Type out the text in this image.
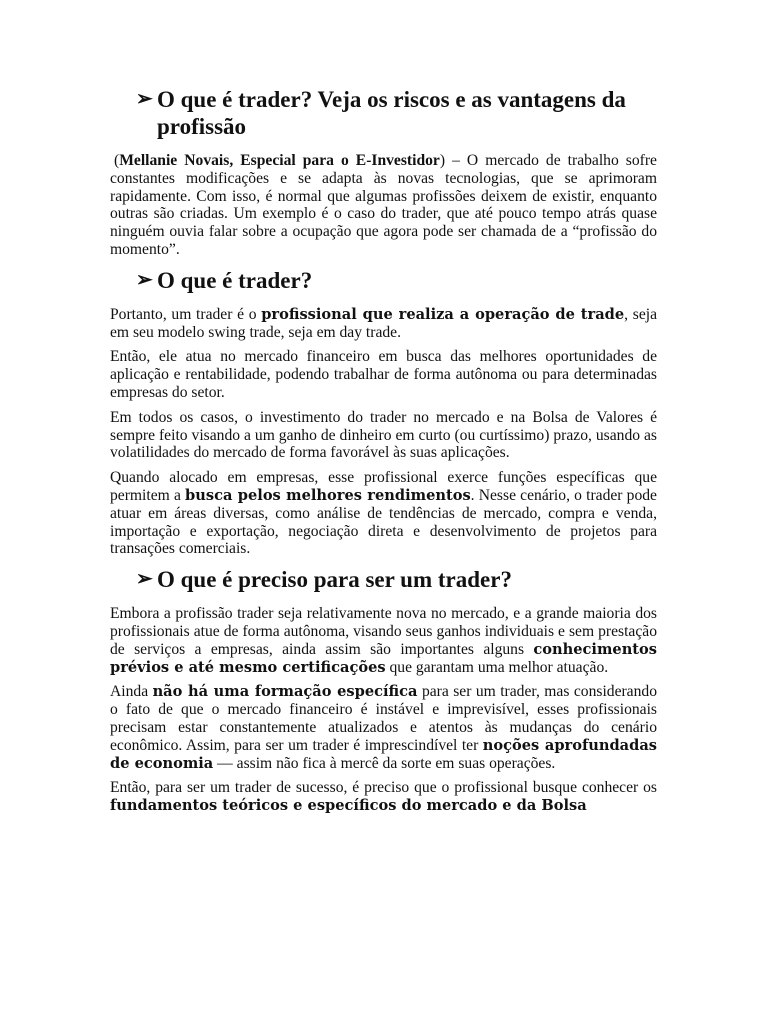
➢ O que é trader? Veja os riscos e as vantagens da profissão

(Mellanie Novais, Especial para o E-Investidor) – O mercado de trabalho sofre constantes modificações e se adapta às novas tecnologias, que se aprimoram rapidamente. Com isso, é normal que algumas profissões deixem de existir, enquanto outras são criadas. Um exemplo é o caso do trader, que até pouco tempo atrás quase ninguém ouvia falar sobre a ocupação que agora pode ser chamada de a “profissão do momento”.

➢ O que é trader?

Portanto, um trader é o profissional que realiza a operação de trade, seja em seu modelo swing trade, seja em day trade.

Então, ele atua no mercado financeiro em busca das melhores oportunidades de aplicação e rentabilidade, podendo trabalhar de forma autônoma ou para determinadas empresas do setor.

Em todos os casos, o investimento do trader no mercado e na Bolsa de Valores é sempre feito visando a um ganho de dinheiro em curto (ou curtíssimo) prazo, usando as volatilidades do mercado de forma favorável às suas aplicações.

Quando alocado em empresas, esse profissional exerce funções específicas que permitem a busca pelos melhores rendimentos. Nesse cenário, o trader pode atuar em áreas diversas, como análise de tendências de mercado, compra e venda, importação e exportação, negociação direta e desenvolvimento de projetos para transações comerciais.

➢ O que é preciso para ser um trader?

Embora a profissão trader seja relativamente nova no mercado, e a grande maioria dos profissionais atue de forma autônoma, visando seus ganhos individuais e sem prestação de serviços a empresas, ainda assim são importantes alguns conhecimentos prévios e até mesmo certificações que garantam uma melhor atuação.

Ainda não há uma formação específica para ser um trader, mas considerando o fato de que o mercado financeiro é instável e imprevisível, esses profissionais precisam estar constantemente atualizados e atentos às mudanças do cenário econômico. Assim, para ser um trader é imprescindível ter noções aprofundadas de economia — assim não fica à mercê da sorte em suas operações.

Então, para ser um trader de sucesso, é preciso que o profissional busque conhecer os fundamentos teóricos e específicos do mercado e da Bolsa
